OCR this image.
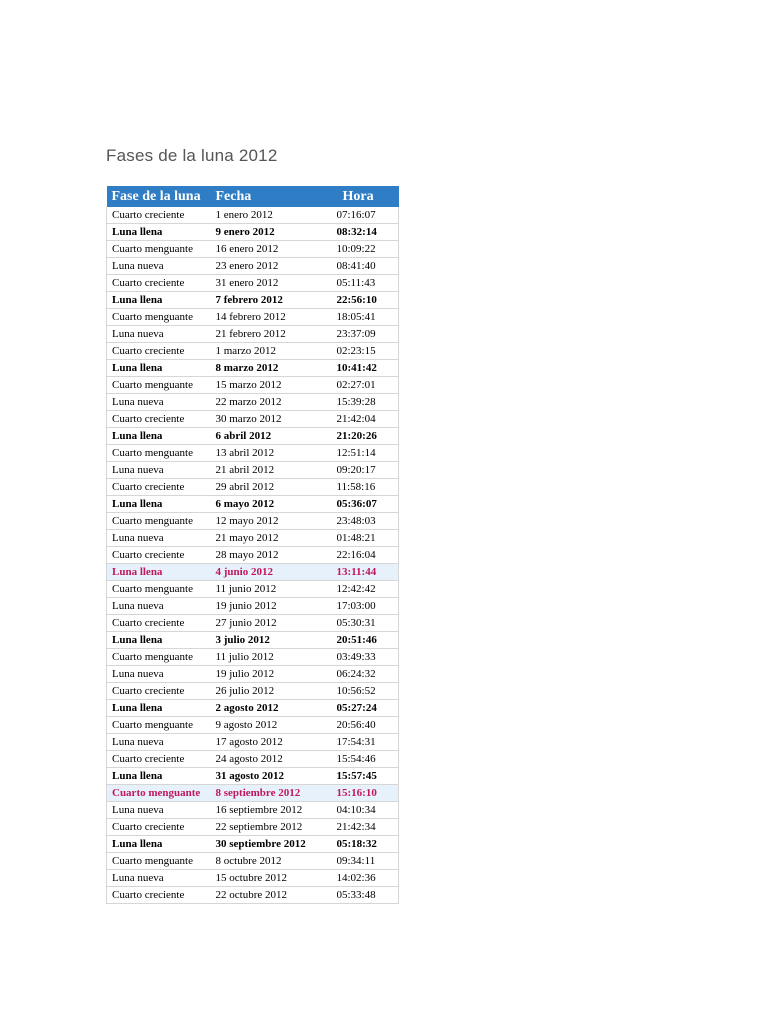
Fases de la luna 2012
Fase de la luna	Fecha	Hora
Cuarto creciente	1 enero 2012	07:16:07
Luna llena	9 enero 2012	08:32:14
Cuarto menguante	16 enero 2012	10:09:22
Luna nueva	23 enero 2012	08:41:40
Cuarto creciente	31 enero 2012	05:11:43
Luna llena	7 febrero 2012	22:56:10
Cuarto menguante	14 febrero 2012	18:05:41
Luna nueva	21 febrero 2012	23:37:09
Cuarto creciente	1 marzo 2012	02:23:15
Luna llena	8 marzo 2012	10:41:42
Cuarto menguante	15 marzo 2012	02:27:01
Luna nueva	22 marzo 2012	15:39:28
Cuarto creciente	30 marzo 2012	21:42:04
Luna llena	6 abril 2012	21:20:26
Cuarto menguante	13 abril 2012	12:51:14
Luna nueva	21 abril 2012	09:20:17
Cuarto creciente	29 abril 2012	11:58:16
Luna llena	6 mayo 2012	05:36:07
Cuarto menguante	12 mayo 2012	23:48:03
Luna nueva	21 mayo 2012	01:48:21
Cuarto creciente	28 mayo 2012	22:16:04
Luna llena	4 junio 2012	13:11:44
Cuarto menguante	11 junio 2012	12:42:42
Luna nueva	19 junio 2012	17:03:00
Cuarto creciente	27 junio 2012	05:30:31
Luna llena	3 julio 2012	20:51:46
Cuarto menguante	11 julio 2012	03:49:33
Luna nueva	19 julio 2012	06:24:32
Cuarto creciente	26 julio 2012	10:56:52
Luna llena	2 agosto 2012	05:27:24
Cuarto menguante	9 agosto 2012	20:56:40
Luna nueva	17 agosto 2012	17:54:31
Cuarto creciente	24 agosto 2012	15:54:46
Luna llena	31 agosto 2012	15:57:45
Cuarto menguante	8 septiembre 2012	15:16:10
Luna nueva	16 septiembre 2012	04:10:34
Cuarto creciente	22 septiembre 2012	21:42:34
Luna llena	30 septiembre 2012	05:18:32
Cuarto menguante	8 octubre 2012	09:34:11
Luna nueva	15 octubre 2012	14:02:36
Cuarto creciente	22 octubre 2012	05:33:48
